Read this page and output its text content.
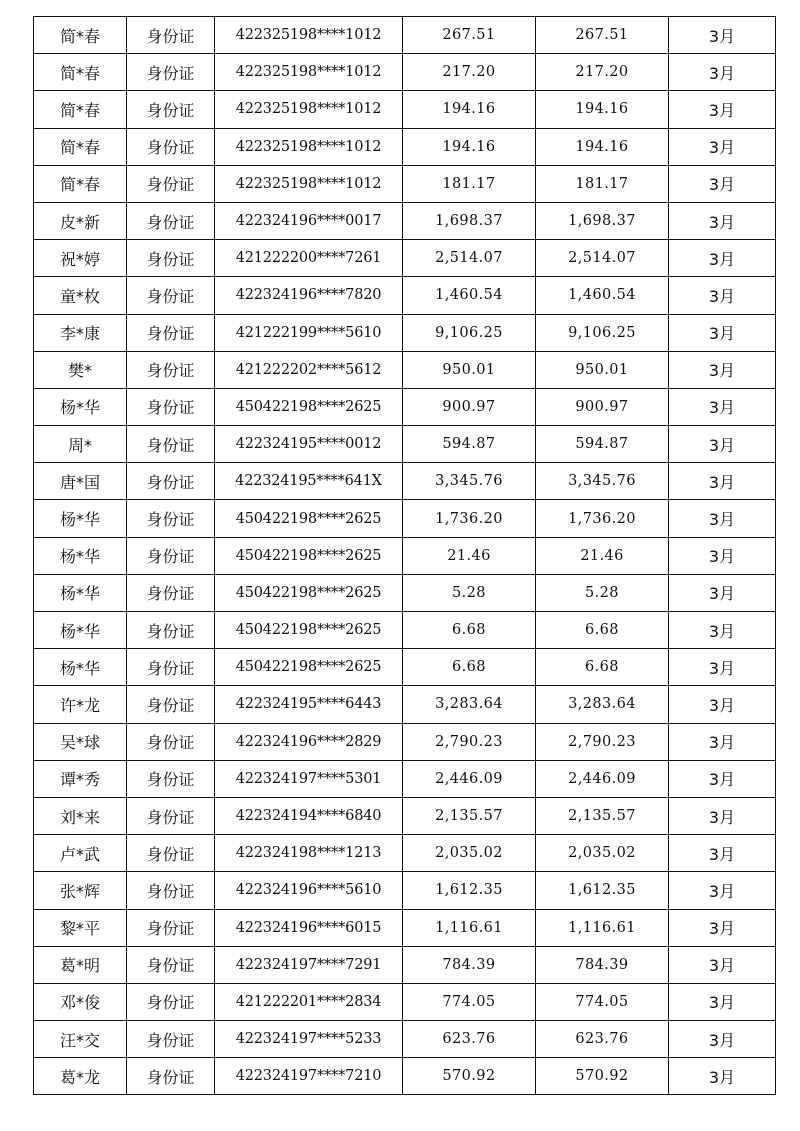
简*春	身份证	422325198****1012	267.51	267.51	3月
简*春	身份证	422325198****1012	217.20	217.20	3月
简*春	身份证	422325198****1012	194.16	194.16	3月
简*春	身份证	422325198****1012	194.16	194.16	3月
简*春	身份证	422325198****1012	181.17	181.17	3月
皮*新	身份证	422324196****0017	1,698.37	1,698.37	3月
祝*婷	身份证	421222200****7261	2,514.07	2,514.07	3月
童*枚	身份证	422324196****7820	1,460.54	1,460.54	3月
李*康	身份证	421222199****5610	9,106.25	9,106.25	3月
樊*	身份证	421222202****5612	950.01	950.01	3月
杨*华	身份证	450422198****2625	900.97	900.97	3月
周*	身份证	422324195****0012	594.87	594.87	3月
唐*国	身份证	422324195****641X	3,345.76	3,345.76	3月
杨*华	身份证	450422198****2625	1,736.20	1,736.20	3月
杨*华	身份证	450422198****2625	21.46	21.46	3月
杨*华	身份证	450422198****2625	5.28	5.28	3月
杨*华	身份证	450422198****2625	6.68	6.68	3月
杨*华	身份证	450422198****2625	6.68	6.68	3月
许*龙	身份证	422324195****6443	3,283.64	3,283.64	3月
吴*球	身份证	422324196****2829	2,790.23	2,790.23	3月
谭*秀	身份证	422324197****5301	2,446.09	2,446.09	3月
刘*来	身份证	422324194****6840	2,135.57	2,135.57	3月
卢*武	身份证	422324198****1213	2,035.02	2,035.02	3月
张*辉	身份证	422324196****5610	1,612.35	1,612.35	3月
黎*平	身份证	422324196****6015	1,116.61	1,116.61	3月
葛*明	身份证	422324197****7291	784.39	784.39	3月
邓*俊	身份证	421222201****2834	774.05	774.05	3月
汪*交	身份证	422324197****5233	623.76	623.76	3月
葛*龙	身份证	422324197****7210	570.92	570.92	3月
